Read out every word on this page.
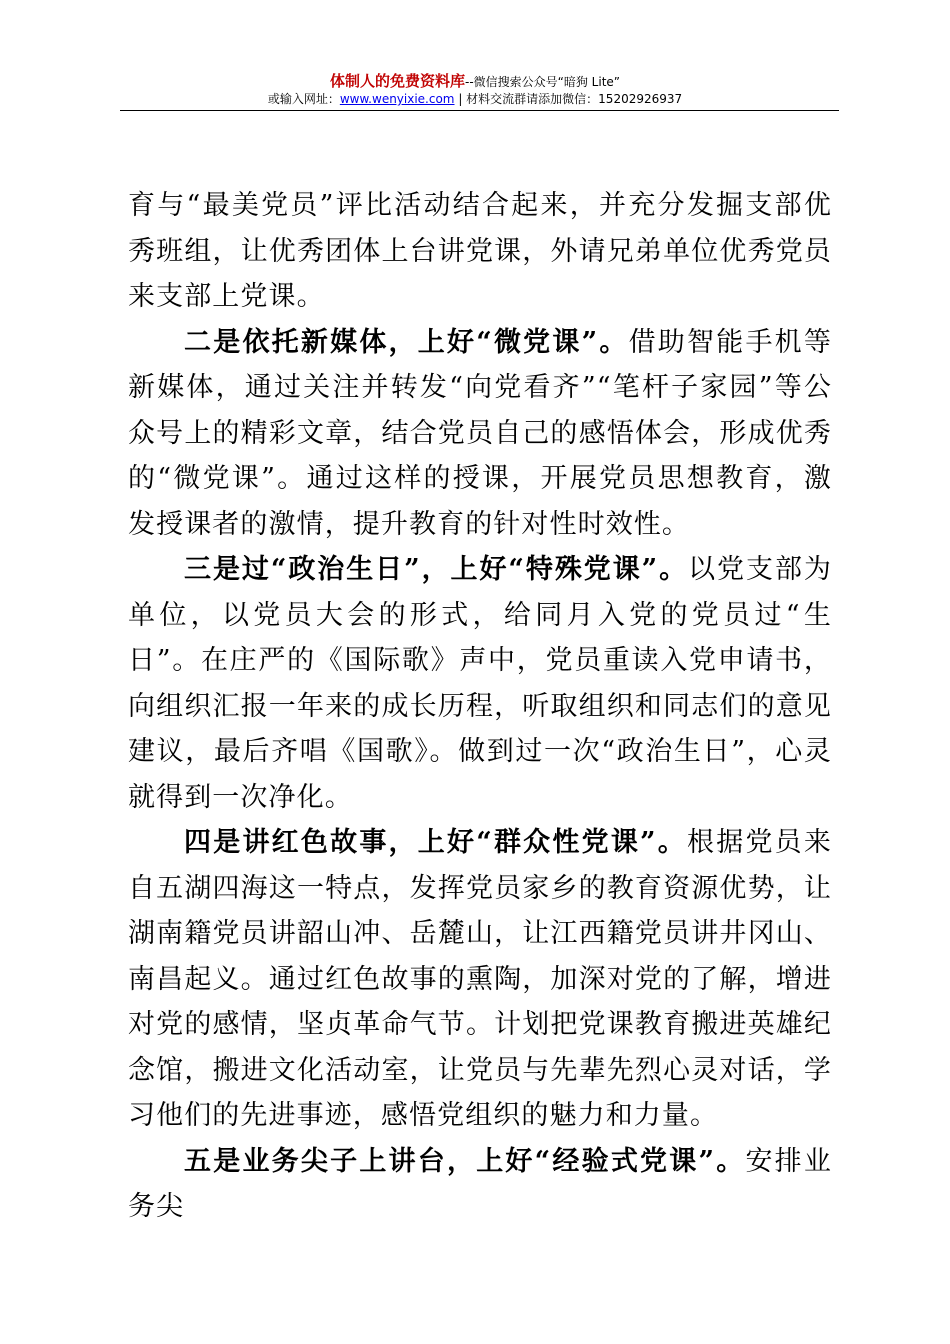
体制人的免费资料库--微信搜索公众号“暗狗 Lite”
或输入网址：www.wenyixie.com | 材料交流群请添加微信：15202926937

育与“最美党员”评比活动结合起来，并充分发掘支部优秀班组，让优秀团体上台讲党课，外请兄弟单位优秀党员来支部上党课。

二是依托新媒体，上好“微党课”。借助智能手机等新媒体，通过关注并转发“向党看齐”“笔杆子家园”等公众号上的精彩文章，结合党员自己的感悟体会，形成优秀的“微党课”。通过这样的授课，开展党员思想教育，激发授课者的激情，提升教育的针对性时效性。

三是过“政治生日”，上好“特殊党课”。以党支部为单位，以党员大会的形式，给同月入党的党员过“生日”。在庄严的《国际歌》声中，党员重读入党申请书，向组织汇报一年来的成长历程，听取组织和同志们的意见建议，最后齐唱《国歌》。做到过一次“政治生日”，心灵就得到一次净化。

四是讲红色故事，上好“群众性党课”。根据党员来自五湖四海这一特点，发挥党员家乡的教育资源优势，让湖南籍党员讲韶山冲、岳麓山，让江西籍党员讲井冈山、南昌起义。通过红色故事的熏陶，加深对党的了解，增进对党的感情，坚贞革命气节。计划把党课教育搬进英雄纪念馆，搬进文化活动室，让党员与先辈先烈心灵对话，学习他们的先进事迹，感悟党组织的魅力和力量。

五是业务尖子上讲台，上好“经验式党课”。安排业务尖
